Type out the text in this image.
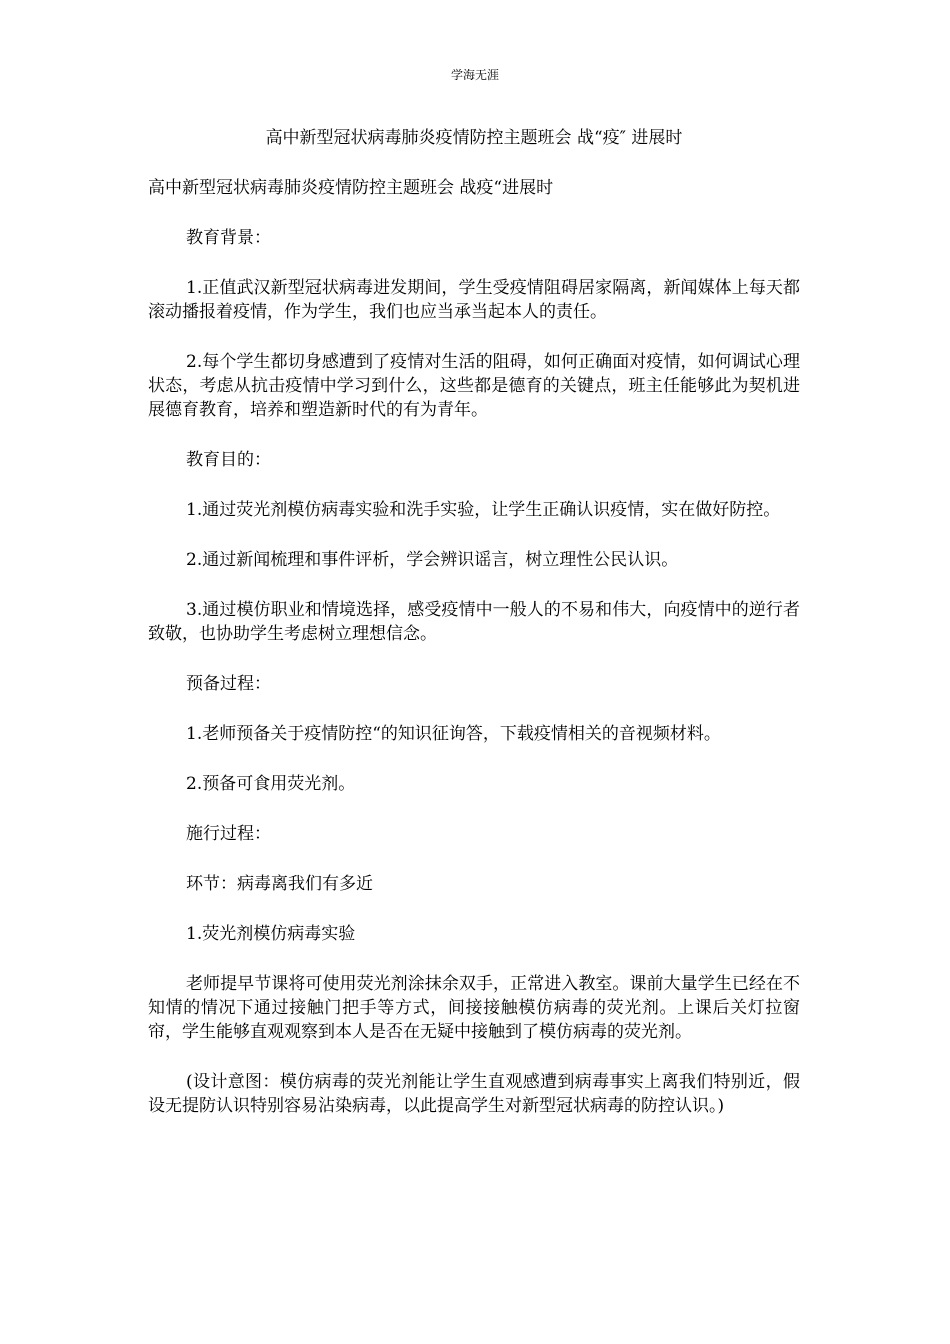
学海无涯
高中新型冠状病毒肺炎疫情防控主题班会 战“疫″ 进展时
高中新型冠状病毒肺炎疫情防控主题班会 战疫“进展时
教育背景：
1.正值武汉新型冠状病毒进发期间，学生受疫情阻碍居家隔离，新闻媒体上每天都滚动播报着疫情，作为学生，我们也应当承当起本人的责任。
2.每个学生都切身感遭到了疫情对生活的阻碍，如何正确面对疫情，如何调试心理状态，考虑从抗击疫情中学习到什么，这些都是德育的关键点，班主任能够此为契机进展德育教育，培养和塑造新时代的有为青年。
教育目的：
1.通过荧光剂模仿病毒实验和洗手实验，让学生正确认识疫情，实在做好防控。
2.通过新闻梳理和事件评析，学会辨识谣言，树立理性公民认识。
3.通过模仿职业和情境选择，感受疫情中一般人的不易和伟大，向疫情中的逆行者致敬，也协助学生考虑树立理想信念。
预备过程：
1.老师预备关于疫情防控“的知识征询答，下载疫情相关的音视频材料。
2.预备可食用荧光剂。
施行过程：
环节：病毒离我们有多近
1.荧光剂模仿病毒实验
老师提早节课将可使用荧光剂涂抹余双手，正常进入教室。课前大量学生已经在不知情的情况下通过接触门把手等方式，间接接触模仿病毒的荧光剂。上课后关灯拉窗帘，学生能够直观观察到本人是否在无疑中接触到了模仿病毒的荧光剂。
(设计意图：模仿病毒的荧光剂能让学生直观感遭到病毒事实上离我们特别近，假设无提防认识特别容易沾染病毒，以此提高学生对新型冠状病毒的防控认识。)
